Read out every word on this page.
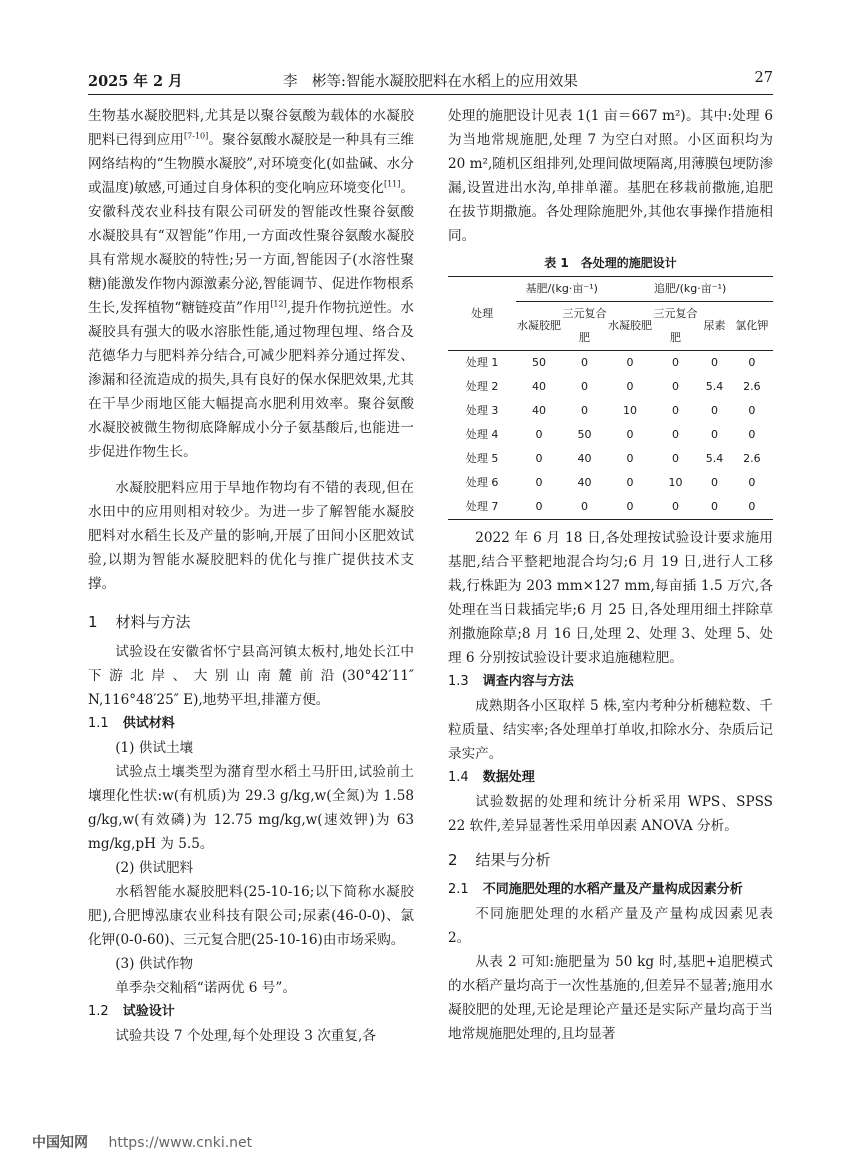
2025 年 2 月	李　彬等:智能水凝胶肥料在水稻上的应用效果	27

生物基水凝胶肥料,尤其是以聚谷氨酸为载体的水凝胶肥料已得到应用[7-10]。聚谷氨酸水凝胶是一种具有三维网络结构的“生物膜水凝胶”,对环境变化(如盐碱、水分或温度)敏感,可通过自身体积的变化响应环境变化[11]。安徽科茂农业科技有限公司研发的智能改性聚谷氨酸水凝胶具有“双智能”作用,一方面改性聚谷氨酸水凝胶具有常规水凝胶的特性;另一方面,智能因子(水溶性聚糖)能激发作物内源激素分泌,智能调节、促进作物根系生长,发挥植物“糖链疫苗”作用[12],提升作物抗逆性。水凝胶具有强大的吸水溶胀性能,通过物理包埋、络合及范德华力与肥料养分结合,可减少肥料养分通过挥发、渗漏和径流造成的损失,具有良好的保水保肥效果,尤其在干旱少雨地区能大幅提高水肥利用效率。聚谷氨酸水凝胶被微生物彻底降解成小分子氨基酸后,也能进一步促进作物生长。

水凝胶肥料应用于旱地作物均有不错的表现,但在水田中的应用则相对较少。为进一步了解智能水凝胶肥料对水稻生长及产量的影响,开展了田间小区肥效试验,以期为智能水凝胶肥料的优化与推广提供技术支撑。

1 材料与方法

试验设在安徽省怀宁县高河镇太板村,地处长江中下游北岸、大别山南麓前沿(30°42′11″ N,116°48′25″ E),地势平坦,排灌方便。

1.1 供试材料

(1) 供试土壤

试验点土壤类型为潴育型水稻土马肝田,试验前土壤理化性状:w(有机质)为 29.3 g/kg,w(全氮)为 1.58 g/kg,w(有效磷)为 12.75 mg/kg,w(速效钾)为 63 mg/kg,pH 为 5.5。

(2) 供试肥料

水稻智能水凝胶肥料(25-10-16;以下简称水凝胶肥),合肥博泓康农业科技有限公司;尿素(46-0-0)、氯化钾(0-0-60)、三元复合肥(25-10-16)由市场采购。

(3) 供试作物

单季杂交籼稻“诺两优 6 号”。

1.2 试验设计

试验共设 7 个处理,每个处理设 3 次重复,各

处理的施肥设计见表 1(1 亩＝667 m²)。其中:处理 6 为当地常规施肥,处理 7 为空白对照。小区面积均为 20 m²,随机区组排列,处理间做埂隔离,用薄膜包埂防渗漏,设置进出水沟,单排单灌。基肥在移栽前撒施,追肥在拔节期撒施。各处理除施肥外,其他农事操作措施相同。

表 1　各处理的施肥设计
处理	基肥/(kg·亩⁻¹)		追肥/(kg·亩⁻¹)			
	水凝胶肥	三元复合肥	水凝胶肥	三元复合肥	尿素	氯化钾
处理 1	50	0	0	0	0	0
处理 2	40	0	0	0	5.4	2.6
处理 3	40	0	10	0	0	0
处理 4	0	50	0	0	0	0
处理 5	0	40	0	0	5.4	2.6
处理 6	0	40	0	10	0	0
处理 7	0	0	0	0	0	0

2022 年 6 月 18 日,各处理按试验设计要求施用基肥,结合平整耙地混合均匀;6 月 19 日,进行人工移栽,行株距为 203 mm×127 mm,每亩插 1.5 万穴,各处理在当日栽插完毕;6 月 25 日,各处理用细土拌除草剂撒施除草;8 月 16 日,处理 2、处理 3、处理 5、处理 6 分别按试验设计要求追施穗粒肥。

1.3 调查内容与方法

成熟期各小区取样 5 株,室内考种分析穗粒数、千粒质量、结实率;各处理单打单收,扣除水分、杂质后记录实产。

1.4 数据处理

试验数据的处理和统计分析采用 WPS、SPSS 22 软件,差异显著性采用单因素 ANOVA 分析。

2 结果与分析
2.1 不同施肥处理的水稻产量及产量构成因素分析

不同施肥处理的水稻产量及产量构成因素见表 2。

从表 2 可知:施肥量为 50 kg 时,基肥+追肥模式的水稻产量均高于一次性基施的,但差异不显著;施用水凝胶肥的处理,无论是理论产量还是实际产量均高于当地常规施肥处理的,且均显著

中国知网 https://www.cnki.net
